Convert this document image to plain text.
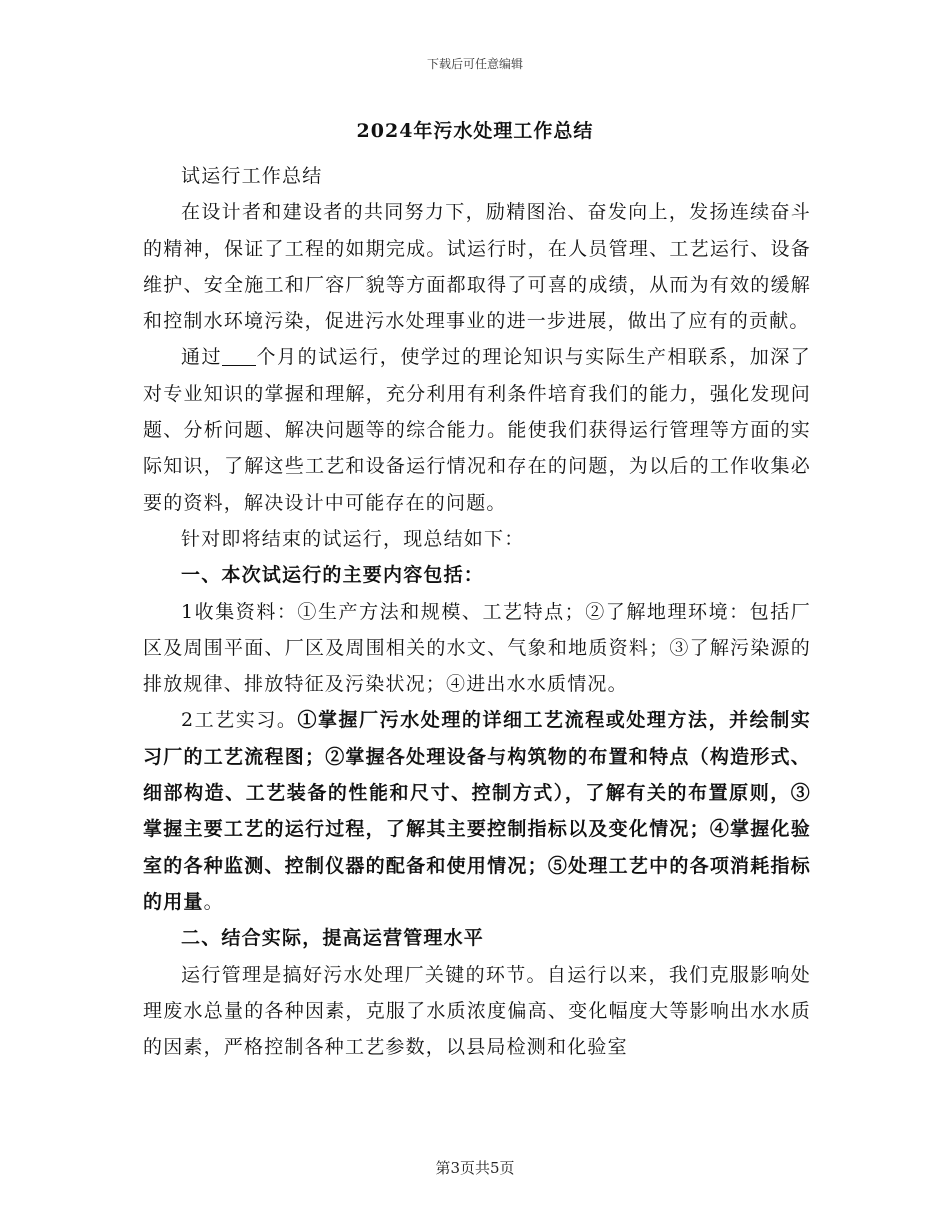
下载后可任意编辑
2024年污水处理工作总结

试运行工作总结

在设计者和建设者的共同努力下，励精图治、奋发向上，发扬连续奋斗的精神，保证了工程的如期完成。试运行时，在人员管理、工艺运行、设备维护、安全施工和厂容厂貌等方面都取得了可喜的成绩，从而为有效的缓解和控制水环境污染，促进污水处理事业的进一步进展，做出了应有的贡献。

通过 个月的试运行，使学过的理论知识与实际生产相联系，加深了对专业知识的掌握和理解，充分利用有利条件培育我们的能力，强化发现问题、分析问题、解决问题等的综合能力。能使我们获得运行管理等方面的实际知识，了解这些工艺和设备运行情况和存在的问题，为以后的工作收集必要的资料，解决设计中可能存在的问题。

针对即将结束的试运行，现总结如下：

一、本次试运行的主要内容包括：

1收集资料：①生产方法和规模、工艺特点；②了解地理环境：包括厂区及周围平面、厂区及周围相关的水文、气象和地质资料；③了解污染源的排放规律、排放特征及污染状况；④进出水水质情况。

2工艺实习。①掌握厂污水处理的详细工艺流程或处理方法，并绘制实习厂的工艺流程图；②掌握各处理设备与构筑物的布置和特点（构造形式、细部构造、工艺装备的性能和尺寸、控制方式），了解有关的布置原则，③掌握主要工艺的运行过程，了解其主要控制指标以及变化情况；④掌握化验室的各种监测、控制仪器的配备和使用情况；⑤处理工艺中的各项消耗指标的用量。

二、结合实际，提高运营管理水平

运行管理是搞好污水处理厂关键的环节。自运行以来，我们克服影响处理废水总量的各种因素，克服了水质浓度偏高、变化幅度大等影响出水水质的因素，严格控制各种工艺参数，以县局检测和化验室

第3页共5页
